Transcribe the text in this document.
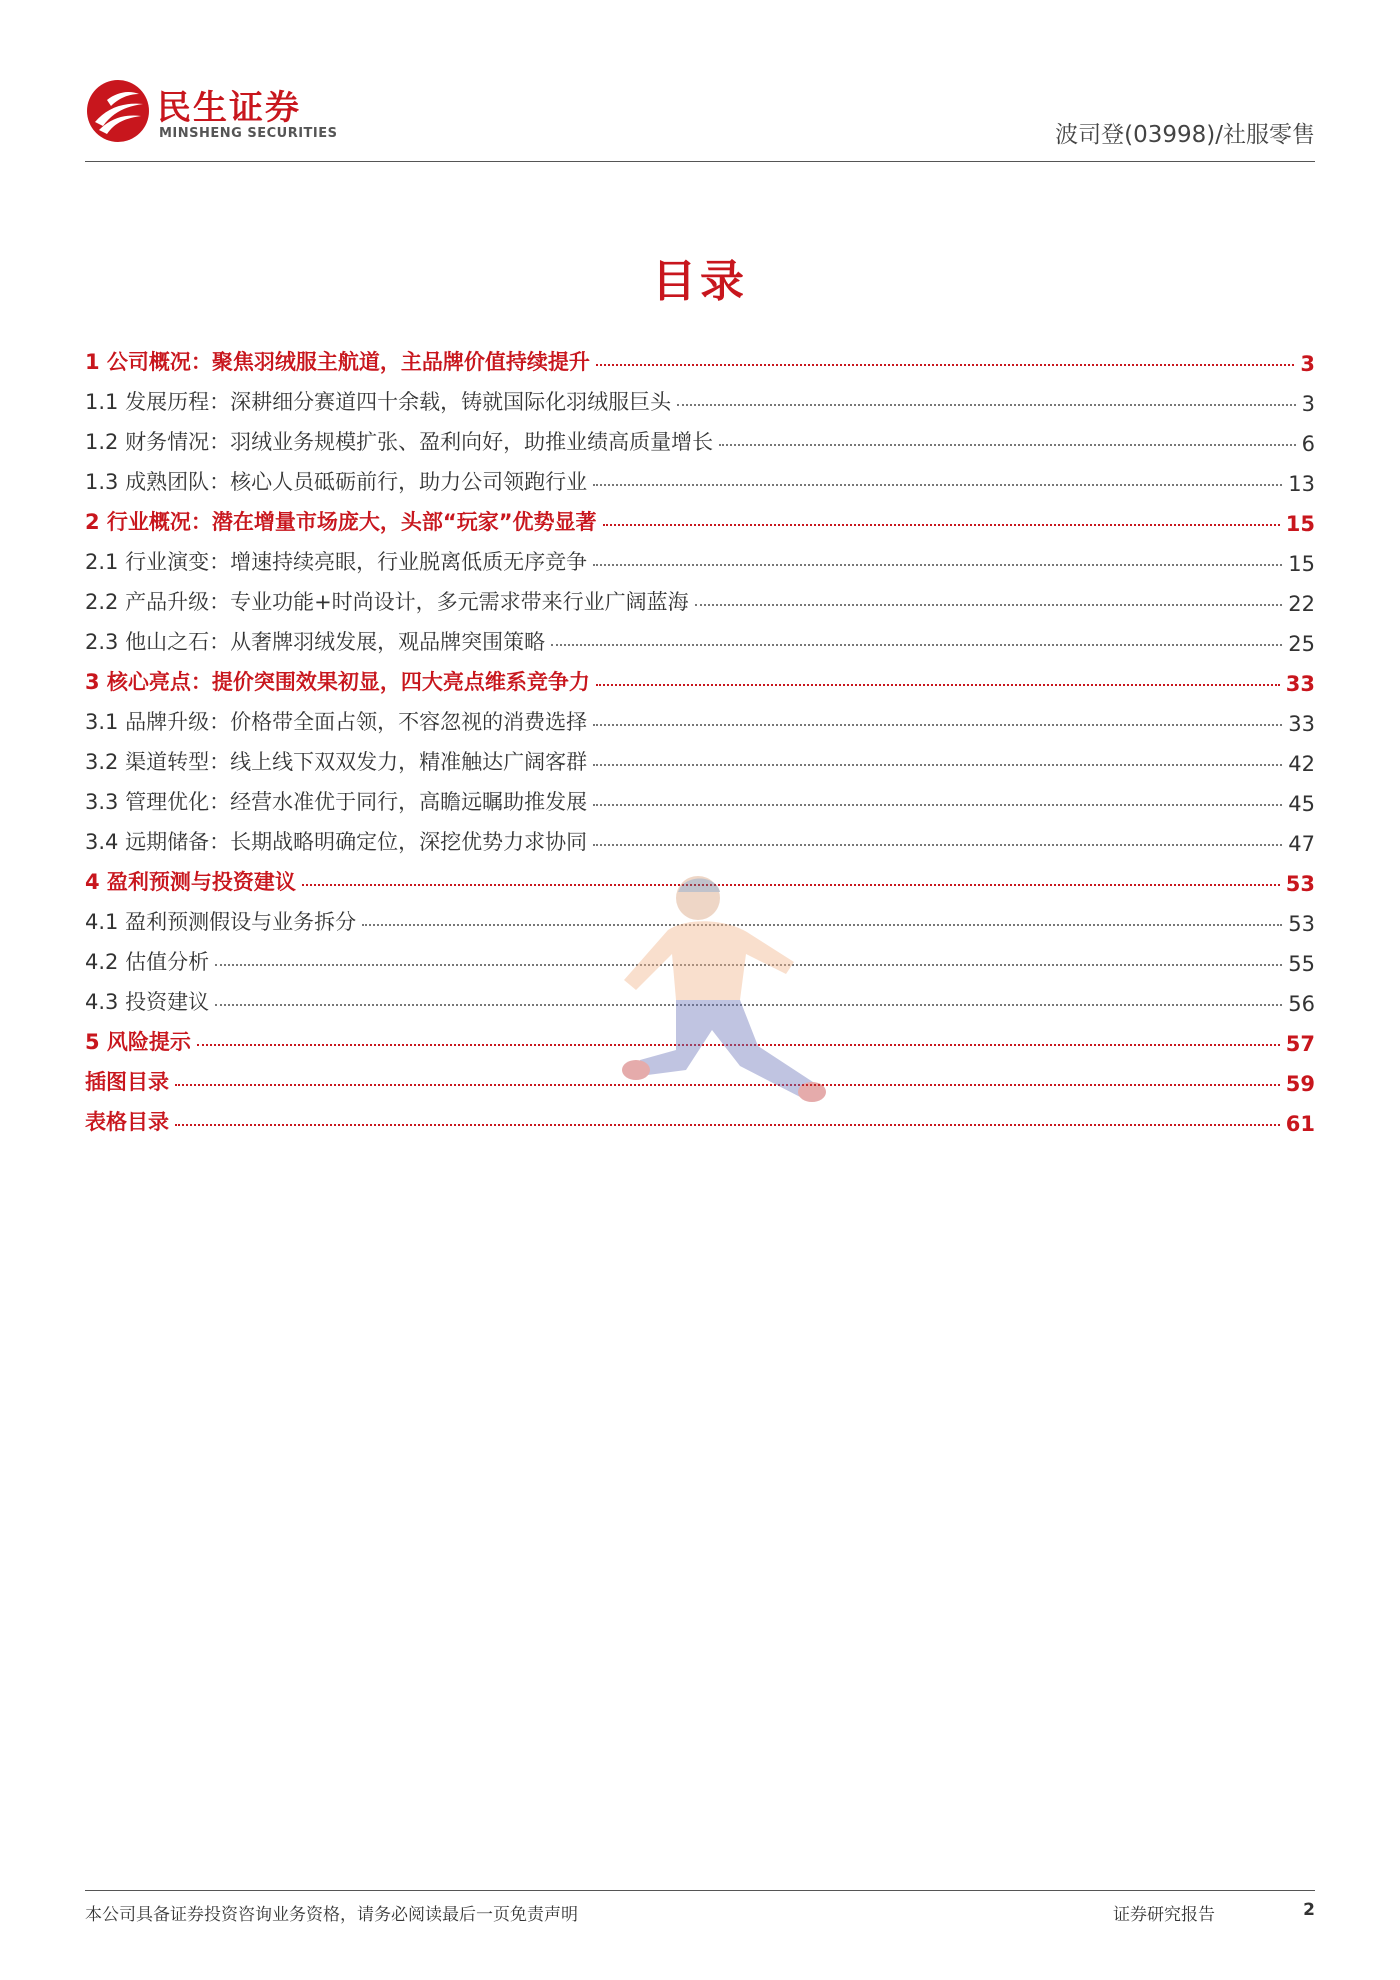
民生证券
MINSHENG SECURITIES	波司登(03998)/社服零售
目录
1 公司概况：聚焦羽绒服主航道，主品牌价值持续提升	3
1.1 发展历程：深耕细分赛道四十余载，铸就国际化羽绒服巨头	3
1.2 财务情况：羽绒业务规模扩张、盈利向好，助推业绩高质量增长	6
1.3 成熟团队：核心人员砥砺前行，助力公司领跑行业	13
2 行业概况：潜在增量市场庞大，头部“玩家”优势显著	15
2.1 行业演变：增速持续亮眼，行业脱离低质无序竞争	15
2.2 产品升级：专业功能+时尚设计，多元需求带来行业广阔蓝海	22
2.3 他山之石：从奢牌羽绒发展，观品牌突围策略	25
3 核心亮点：提价突围效果初显，四大亮点维系竞争力	33
3.1 品牌升级：价格带全面占领，不容忽视的消费选择	33
3.2 渠道转型：线上线下双双发力，精准触达广阔客群	42
3.3 管理优化：经营水准优于同行，高瞻远瞩助推发展	45
3.4 远期储备：长期战略明确定位，深挖优势力求协同	47
4 盈利预测与投资建议	53
4.1 盈利预测假设与业务拆分	53
4.2 估值分析	55
4.3 投资建议	56
5 风险提示	57
插图目录	59
表格目录	61
本公司具备证券投资咨询业务资格，请务必阅读最后一页免责声明	证券研究报告	2
